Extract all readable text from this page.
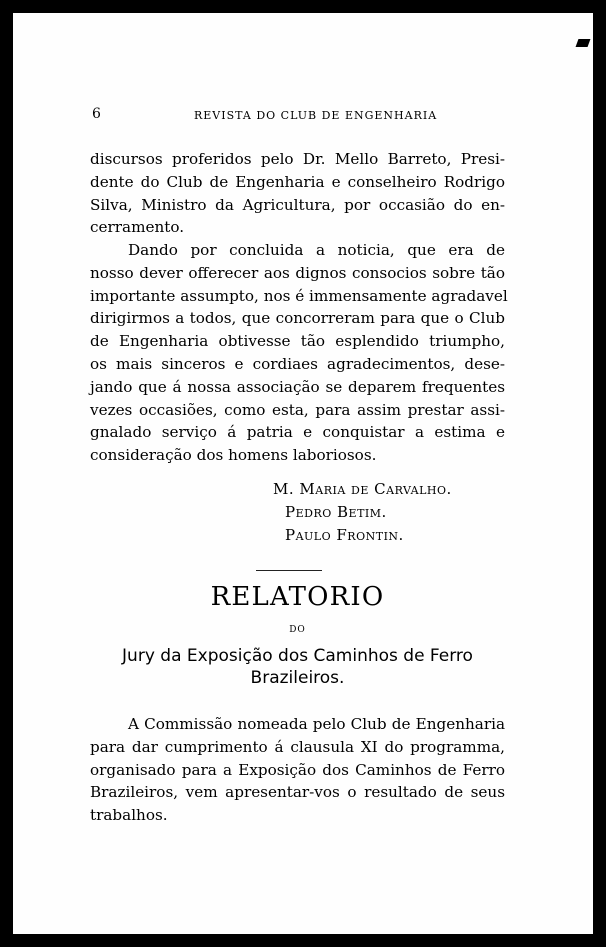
6	REVISTA DO CLUB DE ENGENHARIA

discursos proferidos pelo Dr. Mello Barreto, Presi-
dente do Club de Engenharia e conselheiro Rodrigo
Silva, Ministro da Agricultura, por occasião do en-
cerramento.

Dando por concluida a noticia, que era de
nosso dever offerecer aos dignos consocios sobre tão
importante assumpto, nos é immensamente agradavel
dirigirmos a todos, que concorreram para que o Club
de Engenharia obtivesse tão esplendido triumpho,
os mais sinceros e cordiaes agradecimentos, dese-
jando que á nossa associação se deparem frequentes
vezes occasiões, como esta, para assim prestar assi-
gnalado serviço á patria e conquistar a estima e
consideração dos homens laboriosos.

M. Maria de Carvalho.
Pedro Betim.
Paulo Frontin.
RELATORIO
DO
Jury da Exposição dos Caminhos de Ferro
Brazileiros.

A Commissão nomeada pelo Club de Engenharia
para dar cumprimento á clausula XI do programma,
organisado para a Exposição dos Caminhos de Ferro
Brazileiros, vem apresentar-vos o resultado de seus
trabalhos.
